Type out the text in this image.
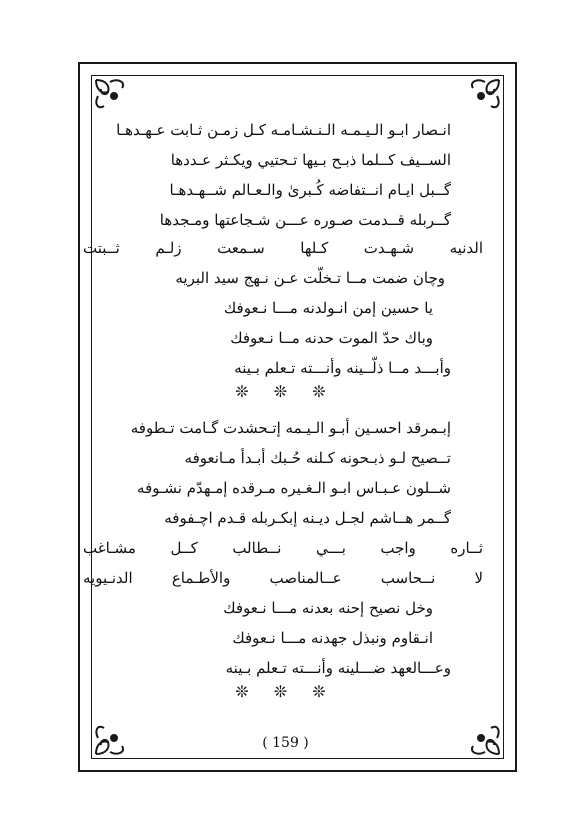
انـصار ابـو الـيـمـه الـنـشـامـه كـل زمـن ثـابت عـهـدهـا
الســيف كــلما ذبـح بـيها تـحتيي ويكـثر عـددها
گــبل ايـام انــتفاضه كُـبرىٰ والـعـالم شــهـدهـا
گــربله قــدمت صـوره عـــن شـجاعتها ومـجدها
الدنيه شـهـدت كـلها سـمعت زلـم ثــبتت
وچان ضمت مــا تـخلّت عـن نـهج سيد البريه
يا حسين إمن انـولدنه مـــا نـعوفك
وباك حدّ الموت حدنه مــا نـعوفك
وأبـــد مــا ذلّــينه وأنـــته تـعلم بـينه
❊ ❊ ❊
إبـمرقد احسـين أبـو الـيـمه إتـحشدت گـامت تـطوفه
تــصيح لـو ذبـحونه كـلنه حُـبك أبـدأ مـانعوفه
شــلون عـبـاس ابـو الـغـيره مـرقده إمـهدّم نشـوفه
گــمر هــاشم لجـل ديـنه إبكـربله قـدم اچـفوفه
ثــاره واجب بـــي نــطالب كــل مشـاغب
لا نــحاسب عــالمناصب والأطـماع الدنـيويه
وخل نصيح إحنه بعدنه مـــا نـعوفك
انـقاوم ونبذل جهدنه مـــا نـعوفك
وعـــالعهد ضـــلينه وأنـــته تـعلم بـينه
❊ ❊ ❊
( 159 )
